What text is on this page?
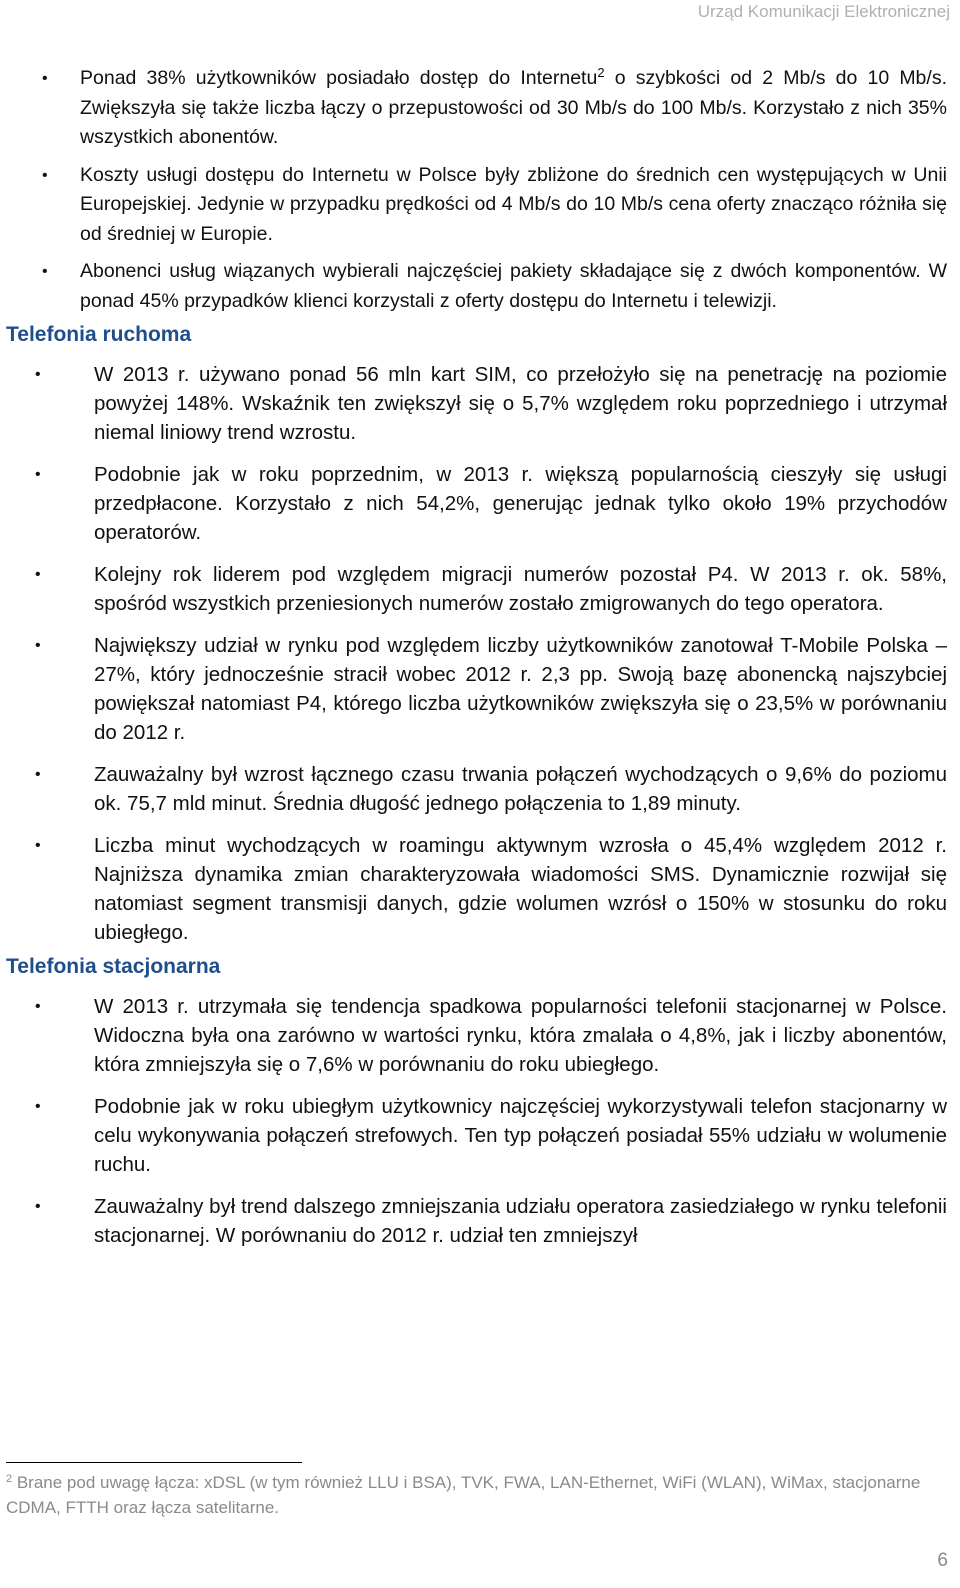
Urząd Komunikacji Elektronicznej
• Ponad 38% użytkowników posiadało dostęp do Internetu$^2$ o szybkości od 2 Mb/s do 10 Mb/s. Zwiększyła się także liczba łączy o przepustowości od 30 Mb/s do 100 Mb/s. Korzystało z nich 35% wszystkich abonentów.
• Koszty usługi dostępu do Internetu w Polsce były zbliżone do średnich cen występujących w Unii Europejskiej. Jedynie w przypadku prędkości od 4 Mb/s do 10 Mb/s cena oferty znacząco różniła się od średniej w Europie.
• Abonenci usług wiązanych wybierali najczęściej pakiety składające się z dwóch komponentów. W ponad 45% przypadków klienci korzystali z oferty dostępu do Internetu i telewizji.
Telefonia ruchoma
•	W 2013 r. używano ponad 56 mln kart SIM, co przełożyło się na penetrację na poziomie powyżej 148%. Wskaźnik ten zwiększył się o 5,7% względem roku poprzedniego i utrzymał niemal liniowy trend wzrostu.
•	Podobnie jak w roku poprzednim, w 2013 r. większą popularnością cieszyły się usługi przedpłacone. Korzystało z nich 54,2%, generując jednak tylko około 19% przychodów operatorów.
•	Kolejny rok liderem pod względem migracji numerów pozostał P4. W 2013 r. ok. 58%, spośród wszystkich przeniesionych numerów zostało zmigrowanych do tego operatora.
•	Największy udział w rynku pod względem liczby użytkowników zanotował T-Mobile Polska – 27%, który jednocześnie stracił wobec 2012 r. 2,3 pp. Swoją bazę abonencką najszybciej powiększał natomiast P4, którego liczba użytkowników zwiększyła się o 23,5% w porównaniu do 2012 r.
•	Zauważalny był wzrost łącznego czasu trwania połączeń wychodzących o 9,6% do poziomu ok. 75,7 mld minut. Średnia długość jednego połączenia to 1,89 minuty.
•	Liczba minut wychodzących w roamingu aktywnym wzrosła o 45,4% względem 2012 r. Najniższa dynamika zmian charakteryzowała wiadomości SMS. Dynamicznie rozwijał się natomiast segment transmisji danych, gdzie wolumen wzrósł o 150% w stosunku do roku ubiegłego.
Telefonia stacjonarna
•	W 2013 r. utrzymała się tendencja spadkowa popularności telefonii stacjonarnej w Polsce. Widoczna była ona zarówno w wartości rynku, która zmalała o 4,8%, jak i liczby abonentów, która zmniejszyła się o 7,6% w porównaniu do roku ubiegłego.
•	Podobnie jak w roku ubiegłym użytkownicy najczęściej wykorzystywali telefon stacjonarny w celu wykonywania połączeń strefowych. Ten typ połączeń posiadał 55% udziału w wolumenie ruchu.
•	Zauważalny był trend dalszego zmniejszania udziału operatora zasiedziałego w rynku telefonii stacjonarnej. W porównaniu do 2012 r. udział ten zmniejszył
$^2$ Brane pod uwagę łącza: xDSL (w tym również LLU i BSA), TVK, FWA, LAN-Ethernet, WiFi (WLAN), WiMax, stacjonarne CDMA, FTTH oraz łącza satelitarne.
6
